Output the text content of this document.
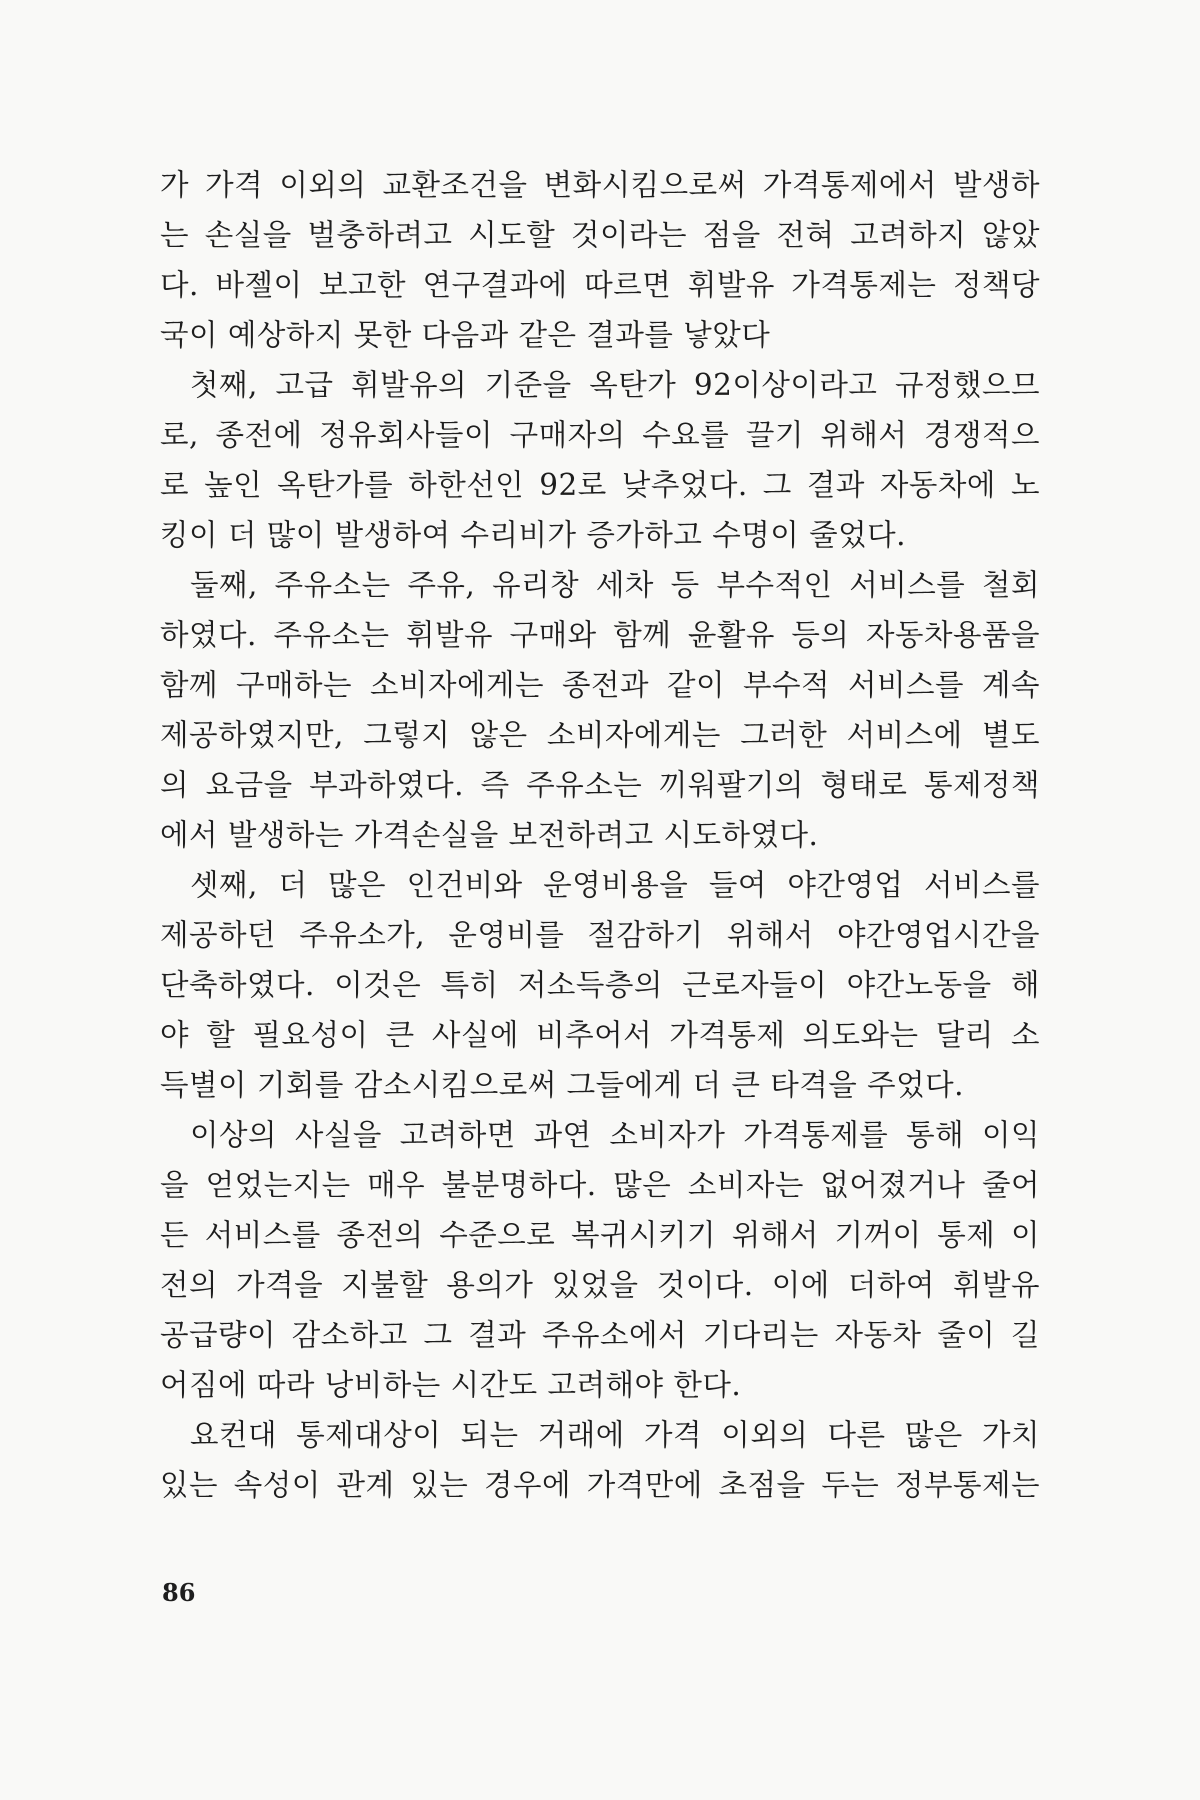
가 가격 이외의 교환조건을 변화시킴으로써 가격통제에서 발생하
는 손실을 벌충하려고 시도할 것이라는 점을 전혀 고려하지 않았
다. 바젤이 보고한 연구결과에 따르면 휘발유 가격통제는 정책당
국이 예상하지 못한 다음과 같은 결과를 낳았다
첫째, 고급 휘발유의 기준을 옥탄가 92이상이라고 규정했으므
로, 종전에 정유회사들이 구매자의 수요를 끌기 위해서 경쟁적으
로 높인 옥탄가를 하한선인 92로 낮추었다. 그 결과 자동차에 노
킹이 더 많이 발생하여 수리비가 증가하고 수명이 줄었다.
둘째, 주유소는 주유, 유리창 세차 등 부수적인 서비스를 철회
하였다. 주유소는 휘발유 구매와 함께 윤활유 등의 자동차용품을
함께 구매하는 소비자에게는 종전과 같이 부수적 서비스를 계속
제공하였지만, 그렇지 않은 소비자에게는 그러한 서비스에 별도
의 요금을 부과하였다. 즉 주유소는 끼워팔기의 형태로 통제정책
에서 발생하는 가격손실을 보전하려고 시도하였다.
셋째, 더 많은 인건비와 운영비용을 들여 야간영업 서비스를
제공하던 주유소가, 운영비를 절감하기 위해서 야간영업시간을
단축하였다. 이것은 특히 저소득층의 근로자들이 야간노동을 해
야 할 필요성이 큰 사실에 비추어서 가격통제 의도와는 달리 소
득별이 기회를 감소시킴으로써 그들에게 더 큰 타격을 주었다.
이상의 사실을 고려하면 과연 소비자가 가격통제를 통해 이익
을 얻었는지는 매우 불분명하다. 많은 소비자는 없어졌거나 줄어
든 서비스를 종전의 수준으로 복귀시키기 위해서 기꺼이 통제 이
전의 가격을 지불할 용의가 있었을 것이다. 이에 더하여 휘발유
공급량이 감소하고 그 결과 주유소에서 기다리는 자동차 줄이 길
어짐에 따라 낭비하는 시간도 고려해야 한다.
요컨대 통제대상이 되는 거래에 가격 이외의 다른 많은 가치
있는 속성이 관계 있는 경우에 가격만에 초점을 두는 정부통제는
86
